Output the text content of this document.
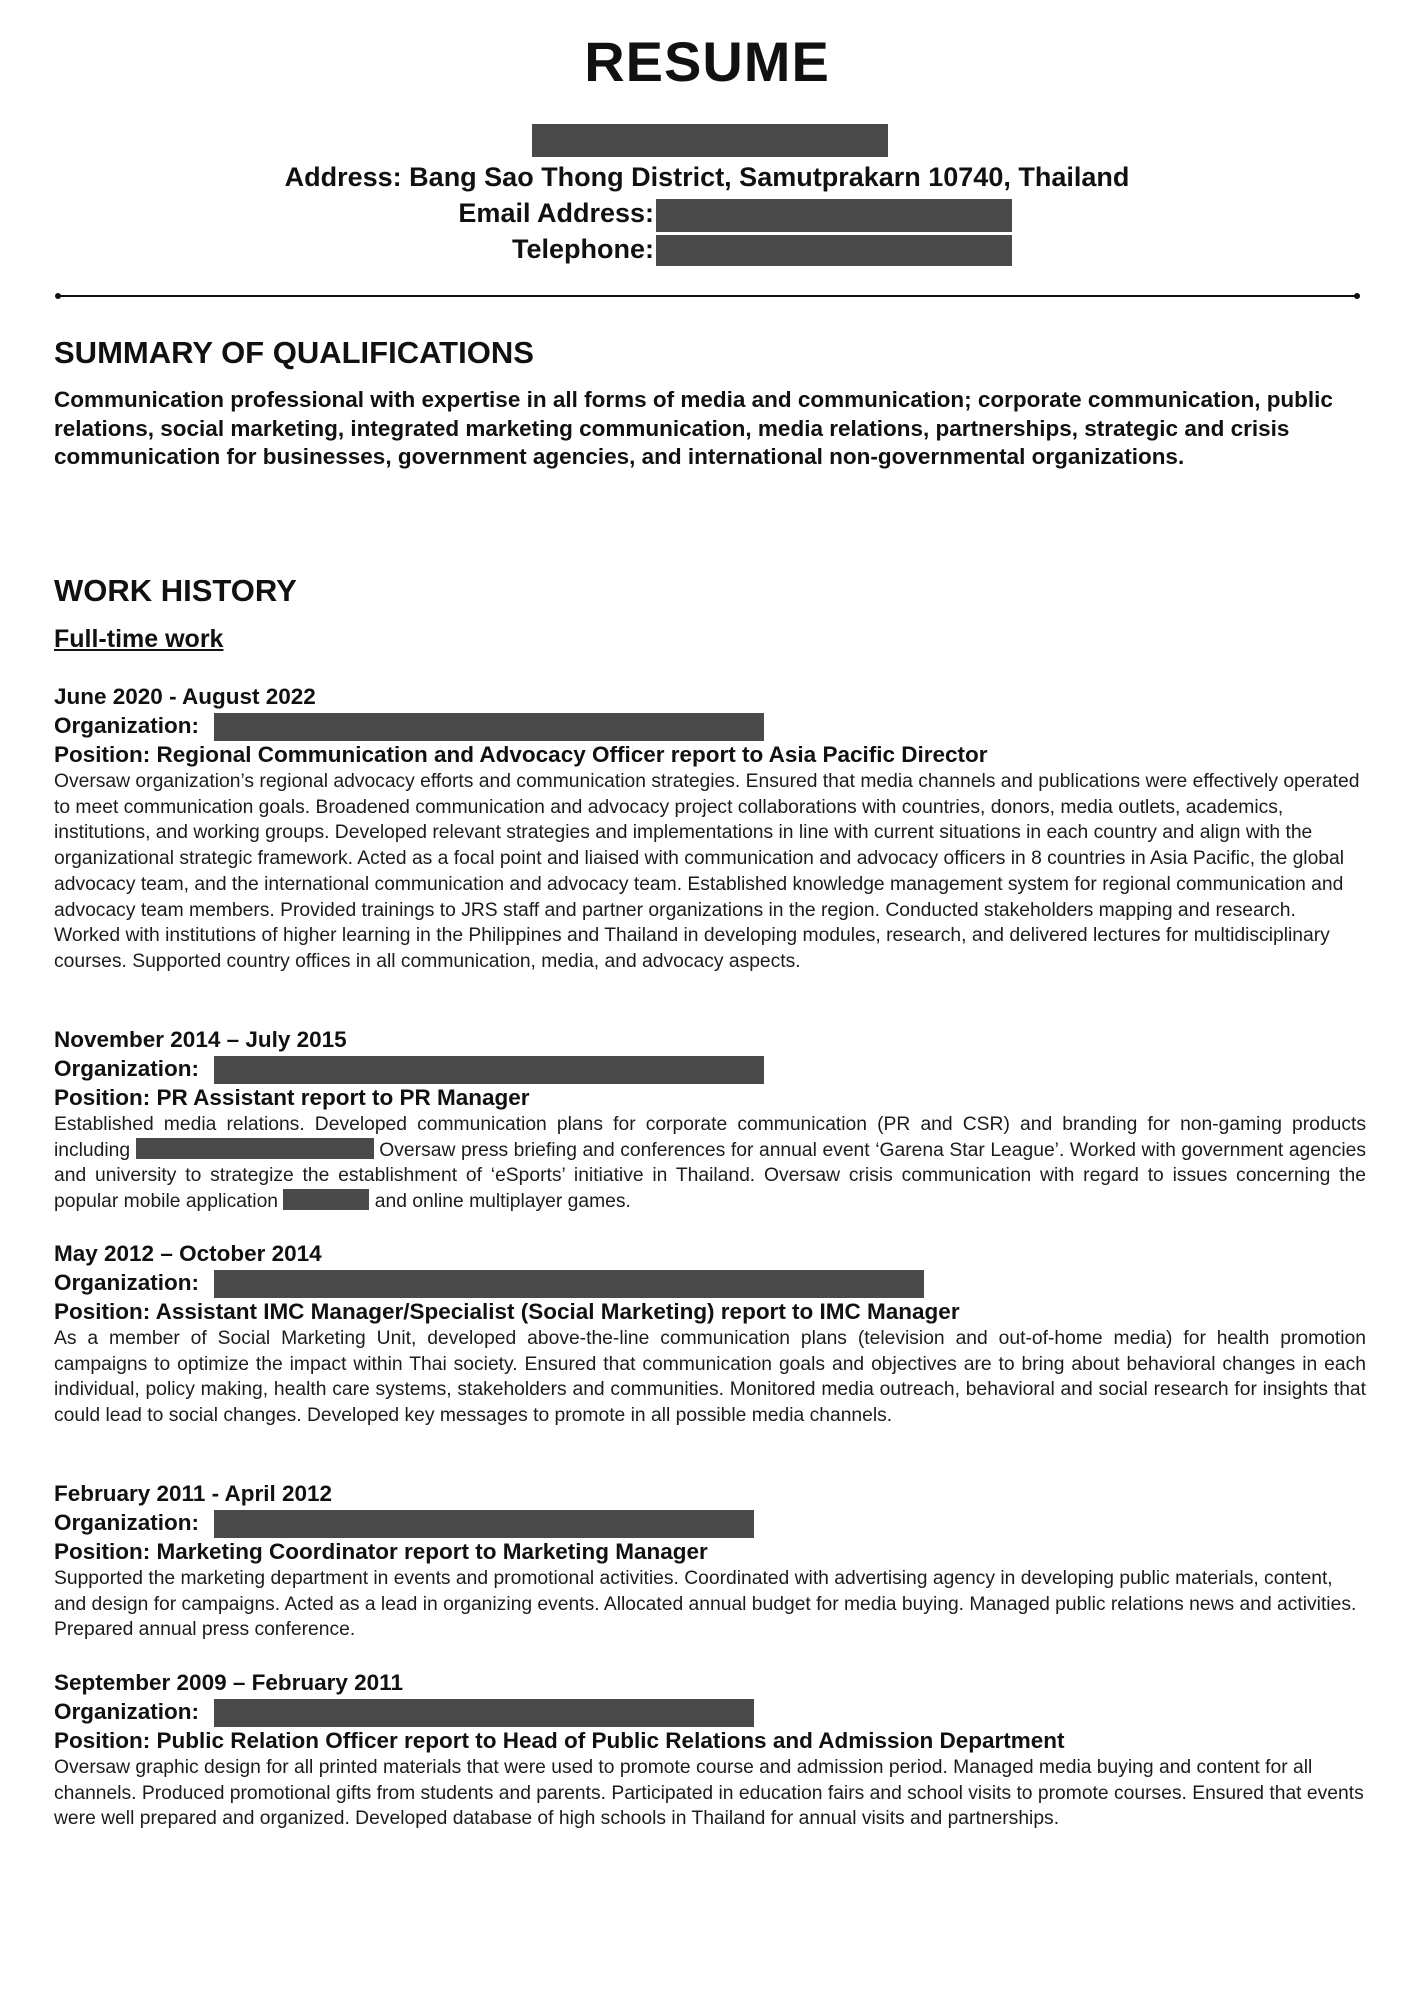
RESUME
Address: Bang Sao Thong District, Samutprakarn 10740, Thailand
Email Address:
Telephone:
SUMMARY OF QUALIFICATIONS
Communication professional with expertise in all forms of media and communication; corporate communication, public relations, social marketing, integrated marketing communication, media relations, partnerships, strategic and crisis communication for businesses, government agencies, and international non-governmental organizations.
WORK HISTORY
Full-time work
June 2020 - August 2022
Organization:
Position: Regional Communication and Advocacy Officer report to Asia Pacific Director
Oversaw organization’s regional advocacy efforts and communication strategies. Ensured that media channels and publications were effectively operated to meet communication goals. Broadened communication and advocacy project collaborations with countries, donors, media outlets, academics, institutions, and working groups. Developed relevant strategies and implementations in line with current situations in each country and align with the organizational strategic framework. Acted as a focal point and liaised with communication and advocacy officers in 8 countries in Asia Pacific, the global advocacy team, and the international communication and advocacy team. Established knowledge management system for regional communication and advocacy team members. Provided trainings to JRS staff and partner organizations in the region. Conducted stakeholders mapping and research. Worked with institutions of higher learning in the Philippines and Thailand in developing modules, research, and delivered lectures for multidisciplinary courses. Supported country offices in all communication, media, and advocacy aspects.
November 2014 – July 2015
Organization:
Position: PR Assistant report to PR Manager
Established media relations. Developed communication plans for corporate communication (PR and CSR) and branding for non-gaming products including	Oversaw press briefing and conferences for annual event ‘Garena Star League’. Worked with government agencies and university to strategize the establishment of ‘eSports’ initiative in Thailand. Oversaw crisis communication with regard to issues concerning the popular mobile application	and online multiplayer games.
May 2012 – October 2014
Organization:
Position: Assistant IMC Manager/Specialist (Social Marketing) report to IMC Manager
As a member of Social Marketing Unit, developed above-the-line communication plans (television and out-of-home media) for health promotion campaigns to optimize the impact within Thai society. Ensured that communication goals and objectives are to bring about behavioral changes in each individual, policy making, health care systems, stakeholders and communities. Monitored media outreach, behavioral and social research for insights that could lead to social changes. Developed key messages to promote in all possible media channels.
February 2011 - April 2012
Organization:
Position: Marketing Coordinator report to Marketing Manager
Supported the marketing department in events and promotional activities. Coordinated with advertising agency in developing public materials, content, and design for campaigns. Acted as a lead in organizing events. Allocated annual budget for media buying. Managed public relations news and activities. Prepared annual press conference.
September 2009 – February 2011
Organization:
Position: Public Relation Officer report to Head of Public Relations and Admission Department
Oversaw graphic design for all printed materials that were used to promote course and admission period. Managed media buying and content for all channels. Produced promotional gifts from students and parents. Participated in education fairs and school visits to promote courses. Ensured that events were well prepared and organized. Developed database of high schools in Thailand for annual visits and partnerships.
